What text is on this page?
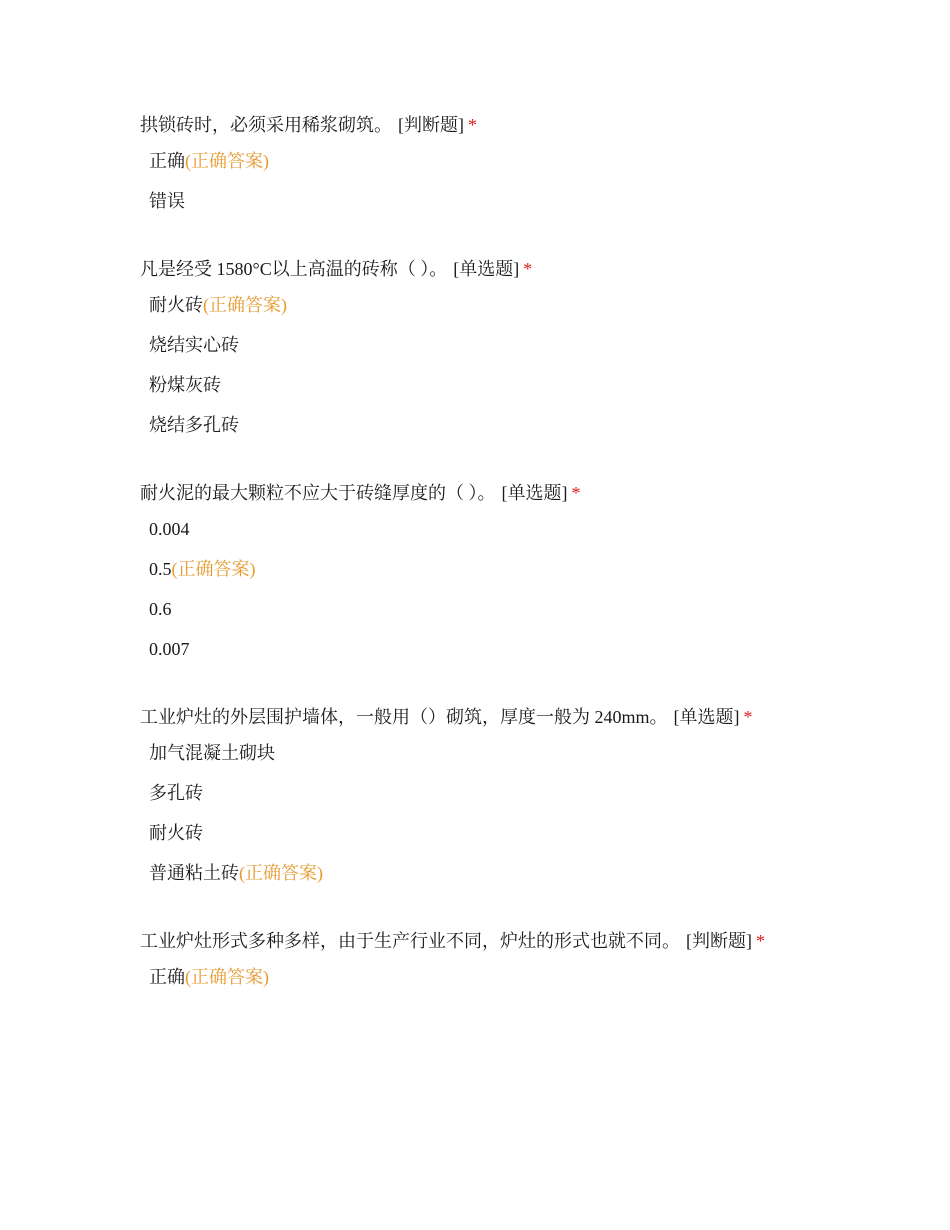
拱锁砖时，必须采用稀浆砌筑。 [判断题] *
正确(正确答案)
错误
凡是经受 1580°C以上高温的砖称（ ）。 [单选题] *
耐火砖(正确答案)
烧结实心砖
粉煤灰砖
烧结多孔砖
耐火泥的最大颗粒不应大于砖缝厚度的（ ）。 [单选题] *
0.004
0.5(正确答案)
0.6
0.007
工业炉灶的外层围护墙体，一般用（）砌筑，厚度一般为 240mm。 [单选题] *
加气混凝土砌块
多孔砖
耐火砖
普通粘土砖(正确答案)
工业炉灶形式多种多样，由于生产行业不同，炉灶的形式也就不同。 [判断题] *
正确(正确答案)
